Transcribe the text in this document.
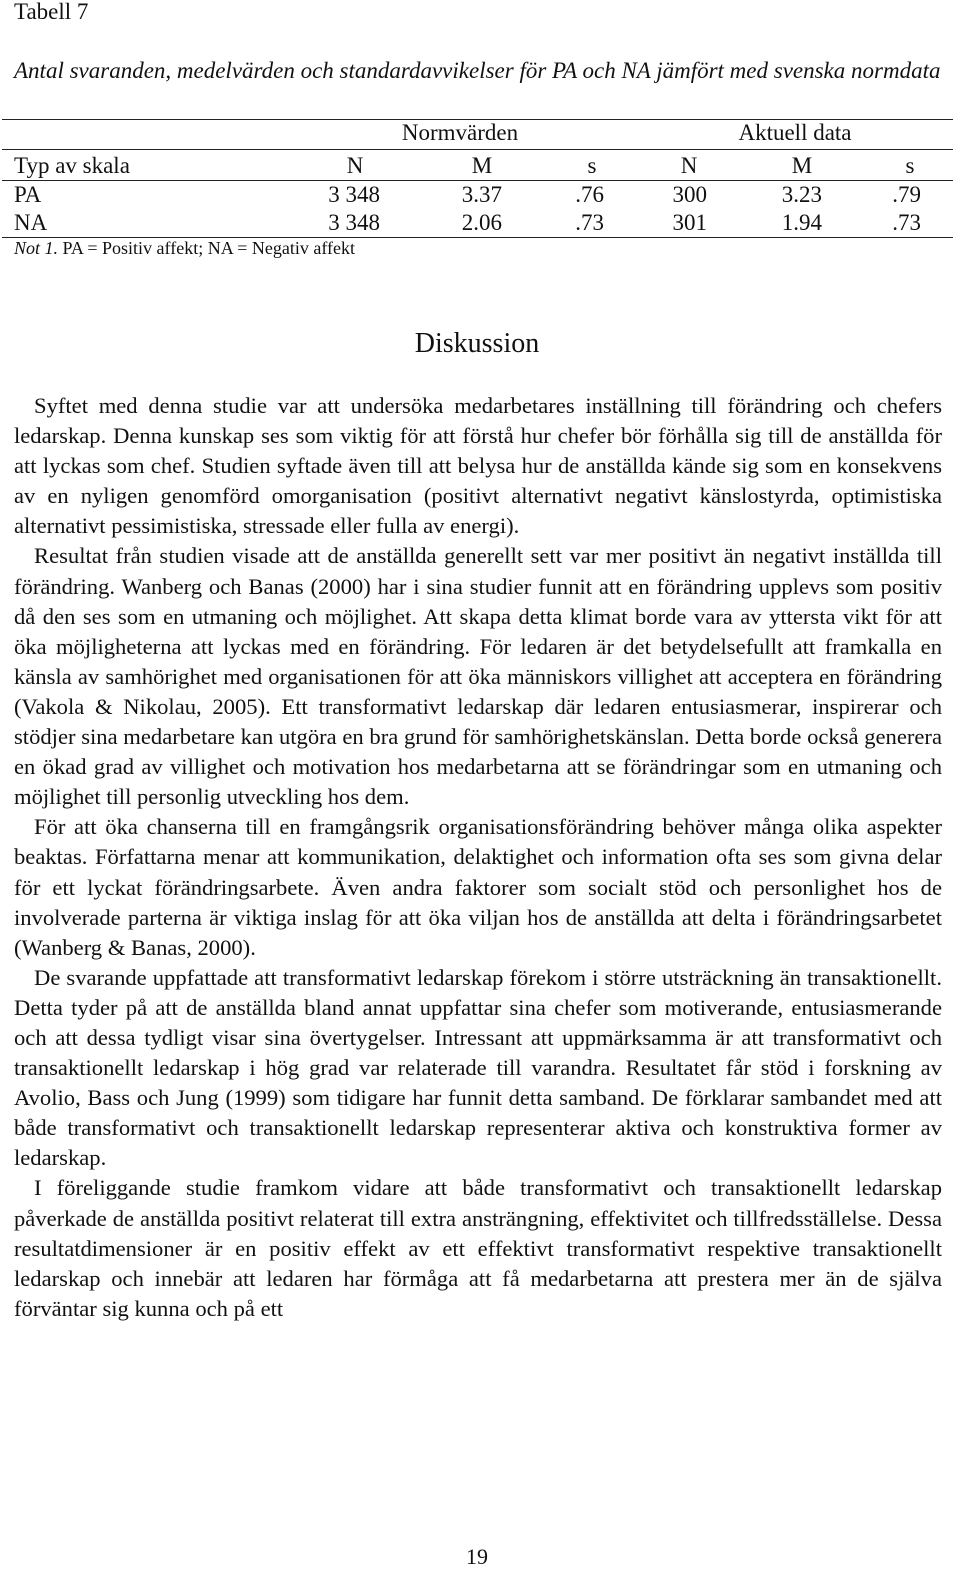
Tabell 7
Antal svaranden, medelvärden och standardavvikelser för PA och NA jämfört med svenska normdata
Normvärden	Aktuell data
Typ av skala	N	M	s	N	M	s
PA	3 348	3.37	.76	300	3.23	.79
NA	3 348	2.06	.73	301	1.94	.73
Not 1. PA = Positiv affekt; NA = Negativ affekt
Diskussion

Syftet med denna studie var att undersöka medarbetares inställning till förändring och chefers ledarskap. Denna kunskap ses som viktig för att förstå hur chefer bör förhålla sig till de anställda för att lyckas som chef. Studien syftade även till att belysa hur de anställda kände sig som en konsekvens av en nyligen genomförd omorganisation (positivt alternativt negativt känslostyrda, optimistiska alternativt pessimistiska, stressade eller fulla av energi).

Resultat från studien visade att de anställda generellt sett var mer positivt än negativt inställda till förändring. Wanberg och Banas (2000) har i sina studier funnit att en förändring upplevs som positiv då den ses som en utmaning och möjlighet. Att skapa detta klimat borde vara av yttersta vikt för att öka möjligheterna att lyckas med en förändring. För ledaren är det betydelsefullt att framkalla en känsla av samhörighet med organisationen för att öka människors villighet att acceptera en förändring (Vakola & Nikolau, 2005). Ett transformativt ledarskap där ledaren entusiasmerar, inspirerar och stödjer sina medarbetare kan utgöra en bra grund för samhörighetskänslan. Detta borde också generera en ökad grad av villighet och motivation hos medarbetarna att se förändringar som en utmaning och möjlighet till personlig utveckling hos dem.

För att öka chanserna till en framgångsrik organisationsförändring behöver många olika aspekter beaktas. Författarna menar att kommunikation, delaktighet och information ofta ses som givna delar för ett lyckat förändringsarbete. Även andra faktorer som socialt stöd och personlighet hos de involverade parterna är viktiga inslag för att öka viljan hos de anställda att delta i förändringsarbetet (Wanberg & Banas, 2000).

De svarande uppfattade att transformativt ledarskap förekom i större utsträckning än transaktionellt. Detta tyder på att de anställda bland annat uppfattar sina chefer som motiverande, entusiasmerande och att dessa tydligt visar sina övertygelser. Intressant att uppmärksamma är att transformativt och transaktionellt ledarskap i hög grad var relaterade till varandra. Resultatet får stöd i forskning av Avolio, Bass och Jung (1999) som tidigare har funnit detta samband. De förklarar sambandet med att både transformativt och transaktionellt ledarskap representerar aktiva och konstruktiva former av ledarskap.

I föreliggande studie framkom vidare att både transformativt och transaktionellt ledarskap påverkade de anställda positivt relaterat till extra ansträngning, effektivitet och tillfredsställelse. Dessa resultatdimensioner är en positiv effekt av ett effektivt transformativt respektive transaktionellt ledarskap och innebär att ledaren har förmåga att få medarbetarna att prestera mer än de själva förväntar sig kunna och på ett

19
